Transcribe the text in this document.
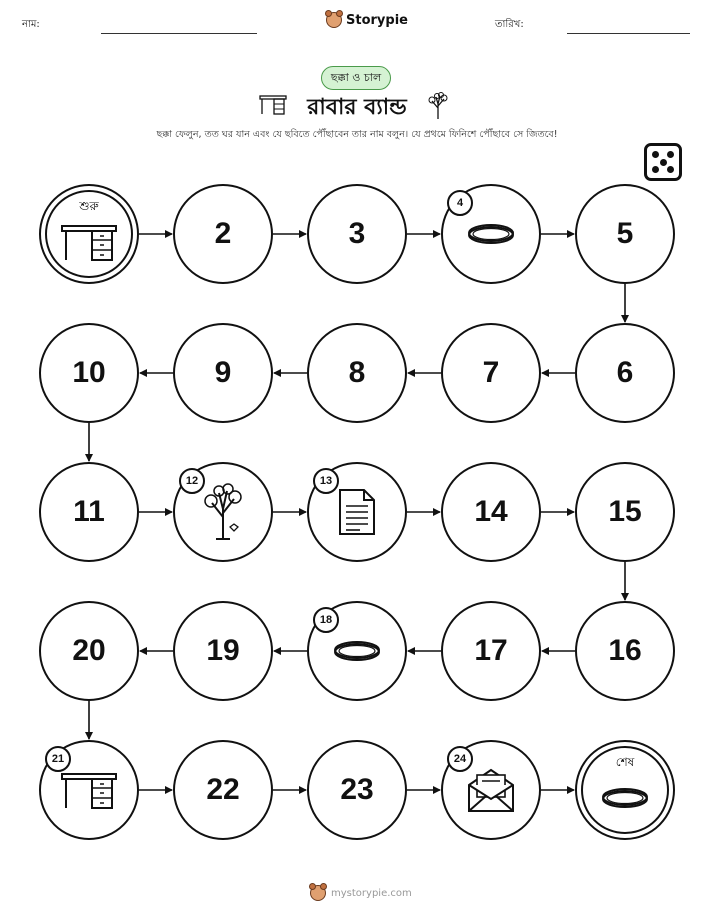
নাম:	Storypie	তারিখ:
ছক্কা ও চাল
রাবার ব্যান্ড
ছক্কা ফেলুন, তত ঘর যান এবং যে ছবিতে পৌঁছাবেন তার নাম বলুন। যে প্রথমে ফিনিশে পৌঁছাবে সে জিতবে!
শুরু
2	3
4
5
6
7
8
9
10
11
12	13
14	15
16
17
18
19
20
21
22	23
24	শেষ
mystorypie.com
